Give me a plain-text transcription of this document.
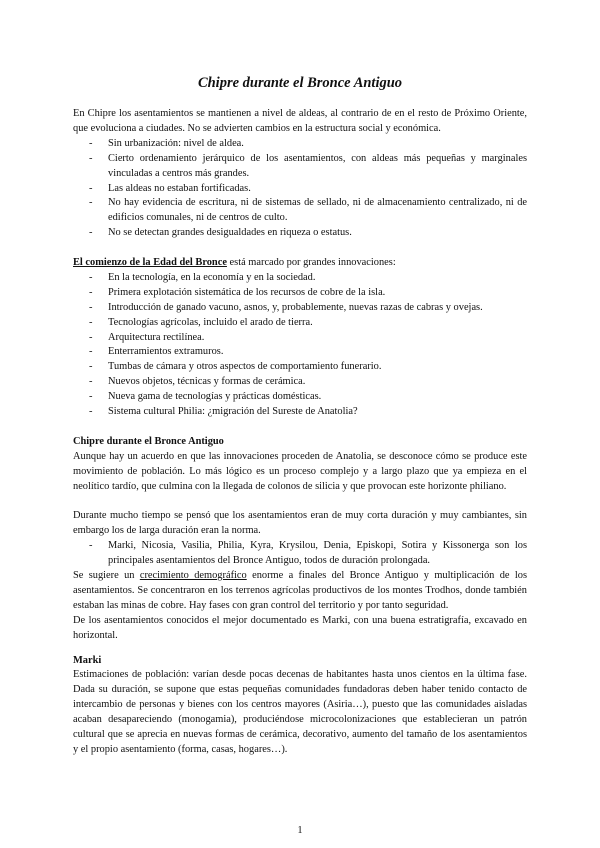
Chipre durante el Bronce Antiguo

En Chipre los asentamientos se mantienen a nivel de aldeas, al contrario de en el resto de Próximo Oriente, que evoluciona a ciudades. No se advierten cambios en la estructura social y económica.

- Sin urbanización: nivel de aldea.
- Cierto ordenamiento jerárquico de los asentamientos, con aldeas más pequeñas y marginales vinculadas a centros más grandes.
- Las aldeas no estaban fortificadas.
- No hay evidencia de escritura, ni de sistemas de sellado, ni de almacenamiento centralizado, ni de edificios comunales, ni de centros de culto.
- No se detectan grandes desigualdades en riqueza o estatus.

El comienzo de la Edad del Bronce está marcado por grandes innovaciones:

- En la tecnología, en la economía y en la sociedad.
- Primera explotación sistemática de los recursos de cobre de la isla.
- Introducción de ganado vacuno, asnos, y, probablemente, nuevas razas de cabras y ovejas.
- Tecnologías agrícolas, incluido el arado de tierra.
- Arquitectura rectilínea.
- Enterramientos extramuros.
- Tumbas de cámara y otros aspectos de comportamiento funerario.
- Nuevos objetos, técnicas y formas de cerámica.
- Nueva gama de tecnologías y prácticas domésticas.
- Sistema cultural Philia: ¿migración del Sureste de Anatolia?

Chipre durante el Bronce Antiguo

Aunque hay un acuerdo en que las innovaciones proceden de Anatolia, se desconoce cómo se produce este movimiento de población. Lo más lógico es un proceso complejo y a largo plazo que ya empieza en el neolítico tardío, que culmina con la llegada de colonos de silicia y que provocan este horizonte philiano.

Durante mucho tiempo se pensó que los asentamientos eran de muy corta duración y muy cambiantes, sin embargo los de larga duración eran la norma.

- Marki, Nicosia, Vasilia, Philia, Kyra, Krysilou, Denia, Episkopi, Sotira y Kissonerga son los principales asentamientos del Bronce Antiguo, todos de duración prolongada.

Se sugiere un crecimiento demográfico enorme a finales del Bronce Antiguo y multiplicación de los asentamientos. Se concentraron en los terrenos agrícolas productivos de los montes Trodhos, donde también estaban las minas de cobre. Hay fases con gran control del territorio y por tanto seguridad.

De los asentamientos conocidos el mejor documentado es Marki, con una buena estratigrafía, excavado en horizontal.

Marki

Estimaciones de población: varían desde pocas decenas de habitantes hasta unos cientos en la última fase. Dada su duración, se supone que estas pequeñas comunidades fundadoras deben haber tenido contacto de intercambio de personas y bienes con los centros mayores (Asiria…), puesto que las comunidades aisladas acaban desapareciendo (monogamia), produciéndose microcolonizaciones que establecieran un patrón cultural que se aprecia en nuevas formas de cerámica, decorativo, aumento del tamaño de los asentamientos y el propio asentamiento (forma, casas, hogares…).

1
